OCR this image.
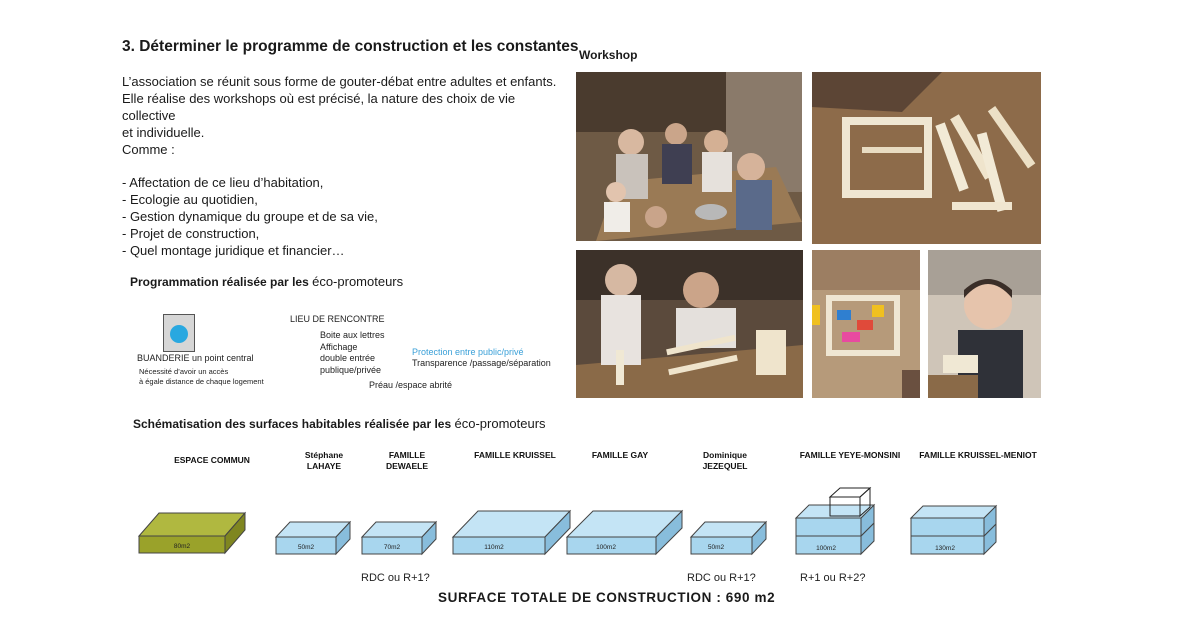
3. Déterminer le programme de construction et les constantes

L’association se réunit sous forme de gouter-débat entre adultes et enfants.

Elle réalise des workshops où est précisé, la nature des choix de vie collective

et individuelle.

Comme :
- Affectation de ce lieu d’habitation,
- Ecologie au quotidien,
- Gestion dynamique du groupe et de sa vie,
- Projet de construction,
- Quel montage juridique et financier…
Programmation réalisée par les éco-promoteurs
BUANDERIE un point central
Nécessité d’avoir un accès
à égale distance de chaque logement
LIEU DE RENCONTRE
Boite aux lettres
Affichage
double entrée
publique/privée
Protection entre public/privé
Transparence /passage/séparation
Préau /espace abrité
Workshop
Schématisation des surfaces habitables réalisée par les éco-promoteurs
ESPACE COMMUN	Stéphane
LAHAYE
FAMILLE
DEWAELE
FAMILLE KRUISSEL	FAMILLE GAY	Dominique
JEZEQUEL
FAMILLE YEYE-MONSINI	FAMILLE KRUISSEL-MENIOT
80m2	50m2	70m2	110m2	100m2	50m2	100m2	130m2
RDC ou R+1?	RDC ou R+1?	R+1 ou R+2?
SURFACE TOTALE DE CONSTRUCTION : 690 m2
